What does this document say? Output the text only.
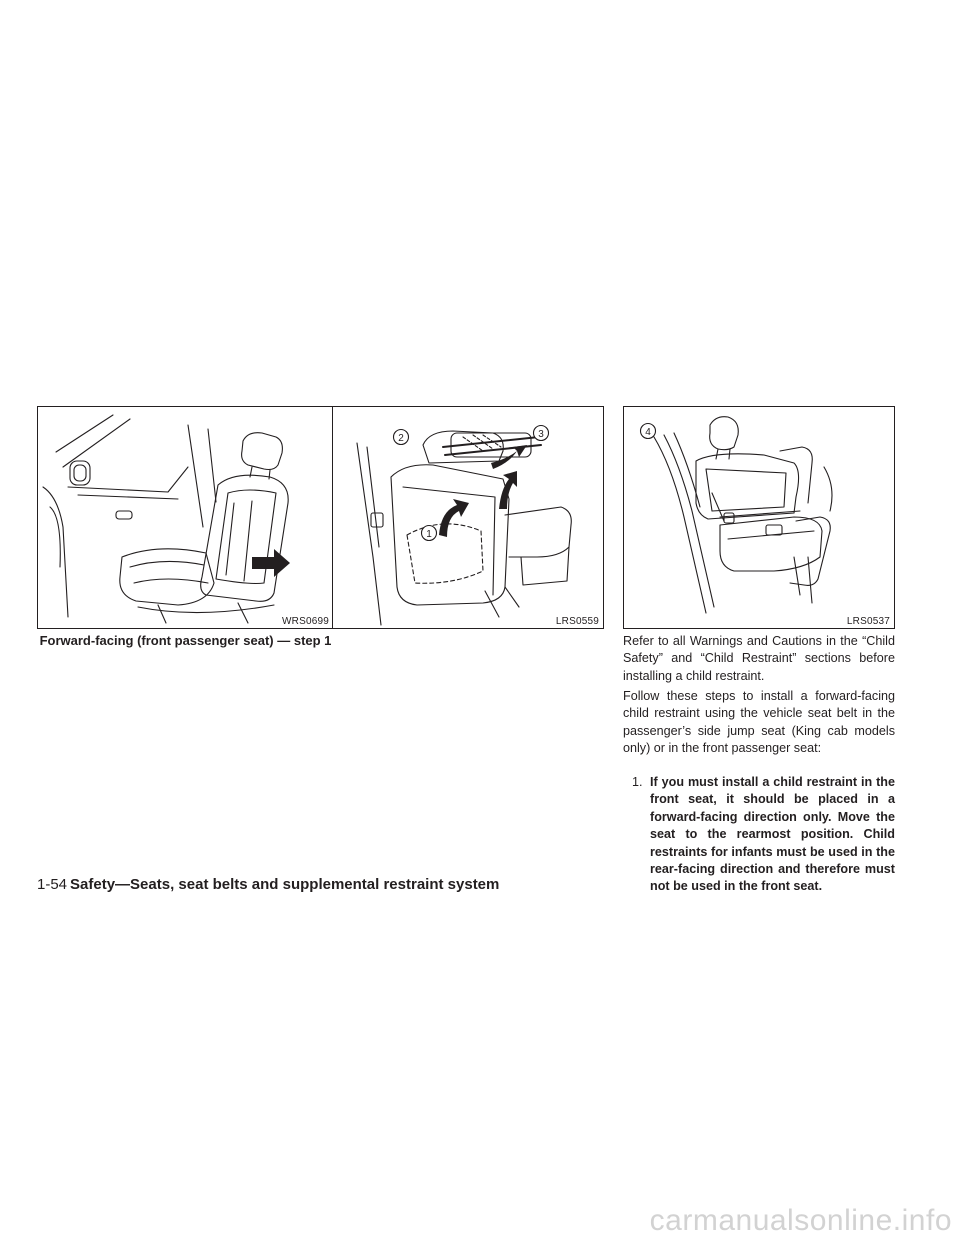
WRS0699
1
2	3
LRS0559
4
LRS0537
Forward-facing (front passenger seat) — step 1	Refer to all Warnings and Cautions in the “Child Safety” and “Child Restraint” sections before installing a child restraint.
Follow these steps to install a forward-facing child restraint using the vehicle seat belt in the passenger’s side jump seat (King cab models only) or in the front passenger seat:
1. If you must install a child restraint in the front seat, it should be placed in a forward-facing direction only. Move the seat to the rearmost position. Child restraints for infants must be used in the rear-facing direction and therefore must not be used in the front seat.
1-54 Safety—Seats, seat belts and supplemental restraint system
carmanualsonline.info
